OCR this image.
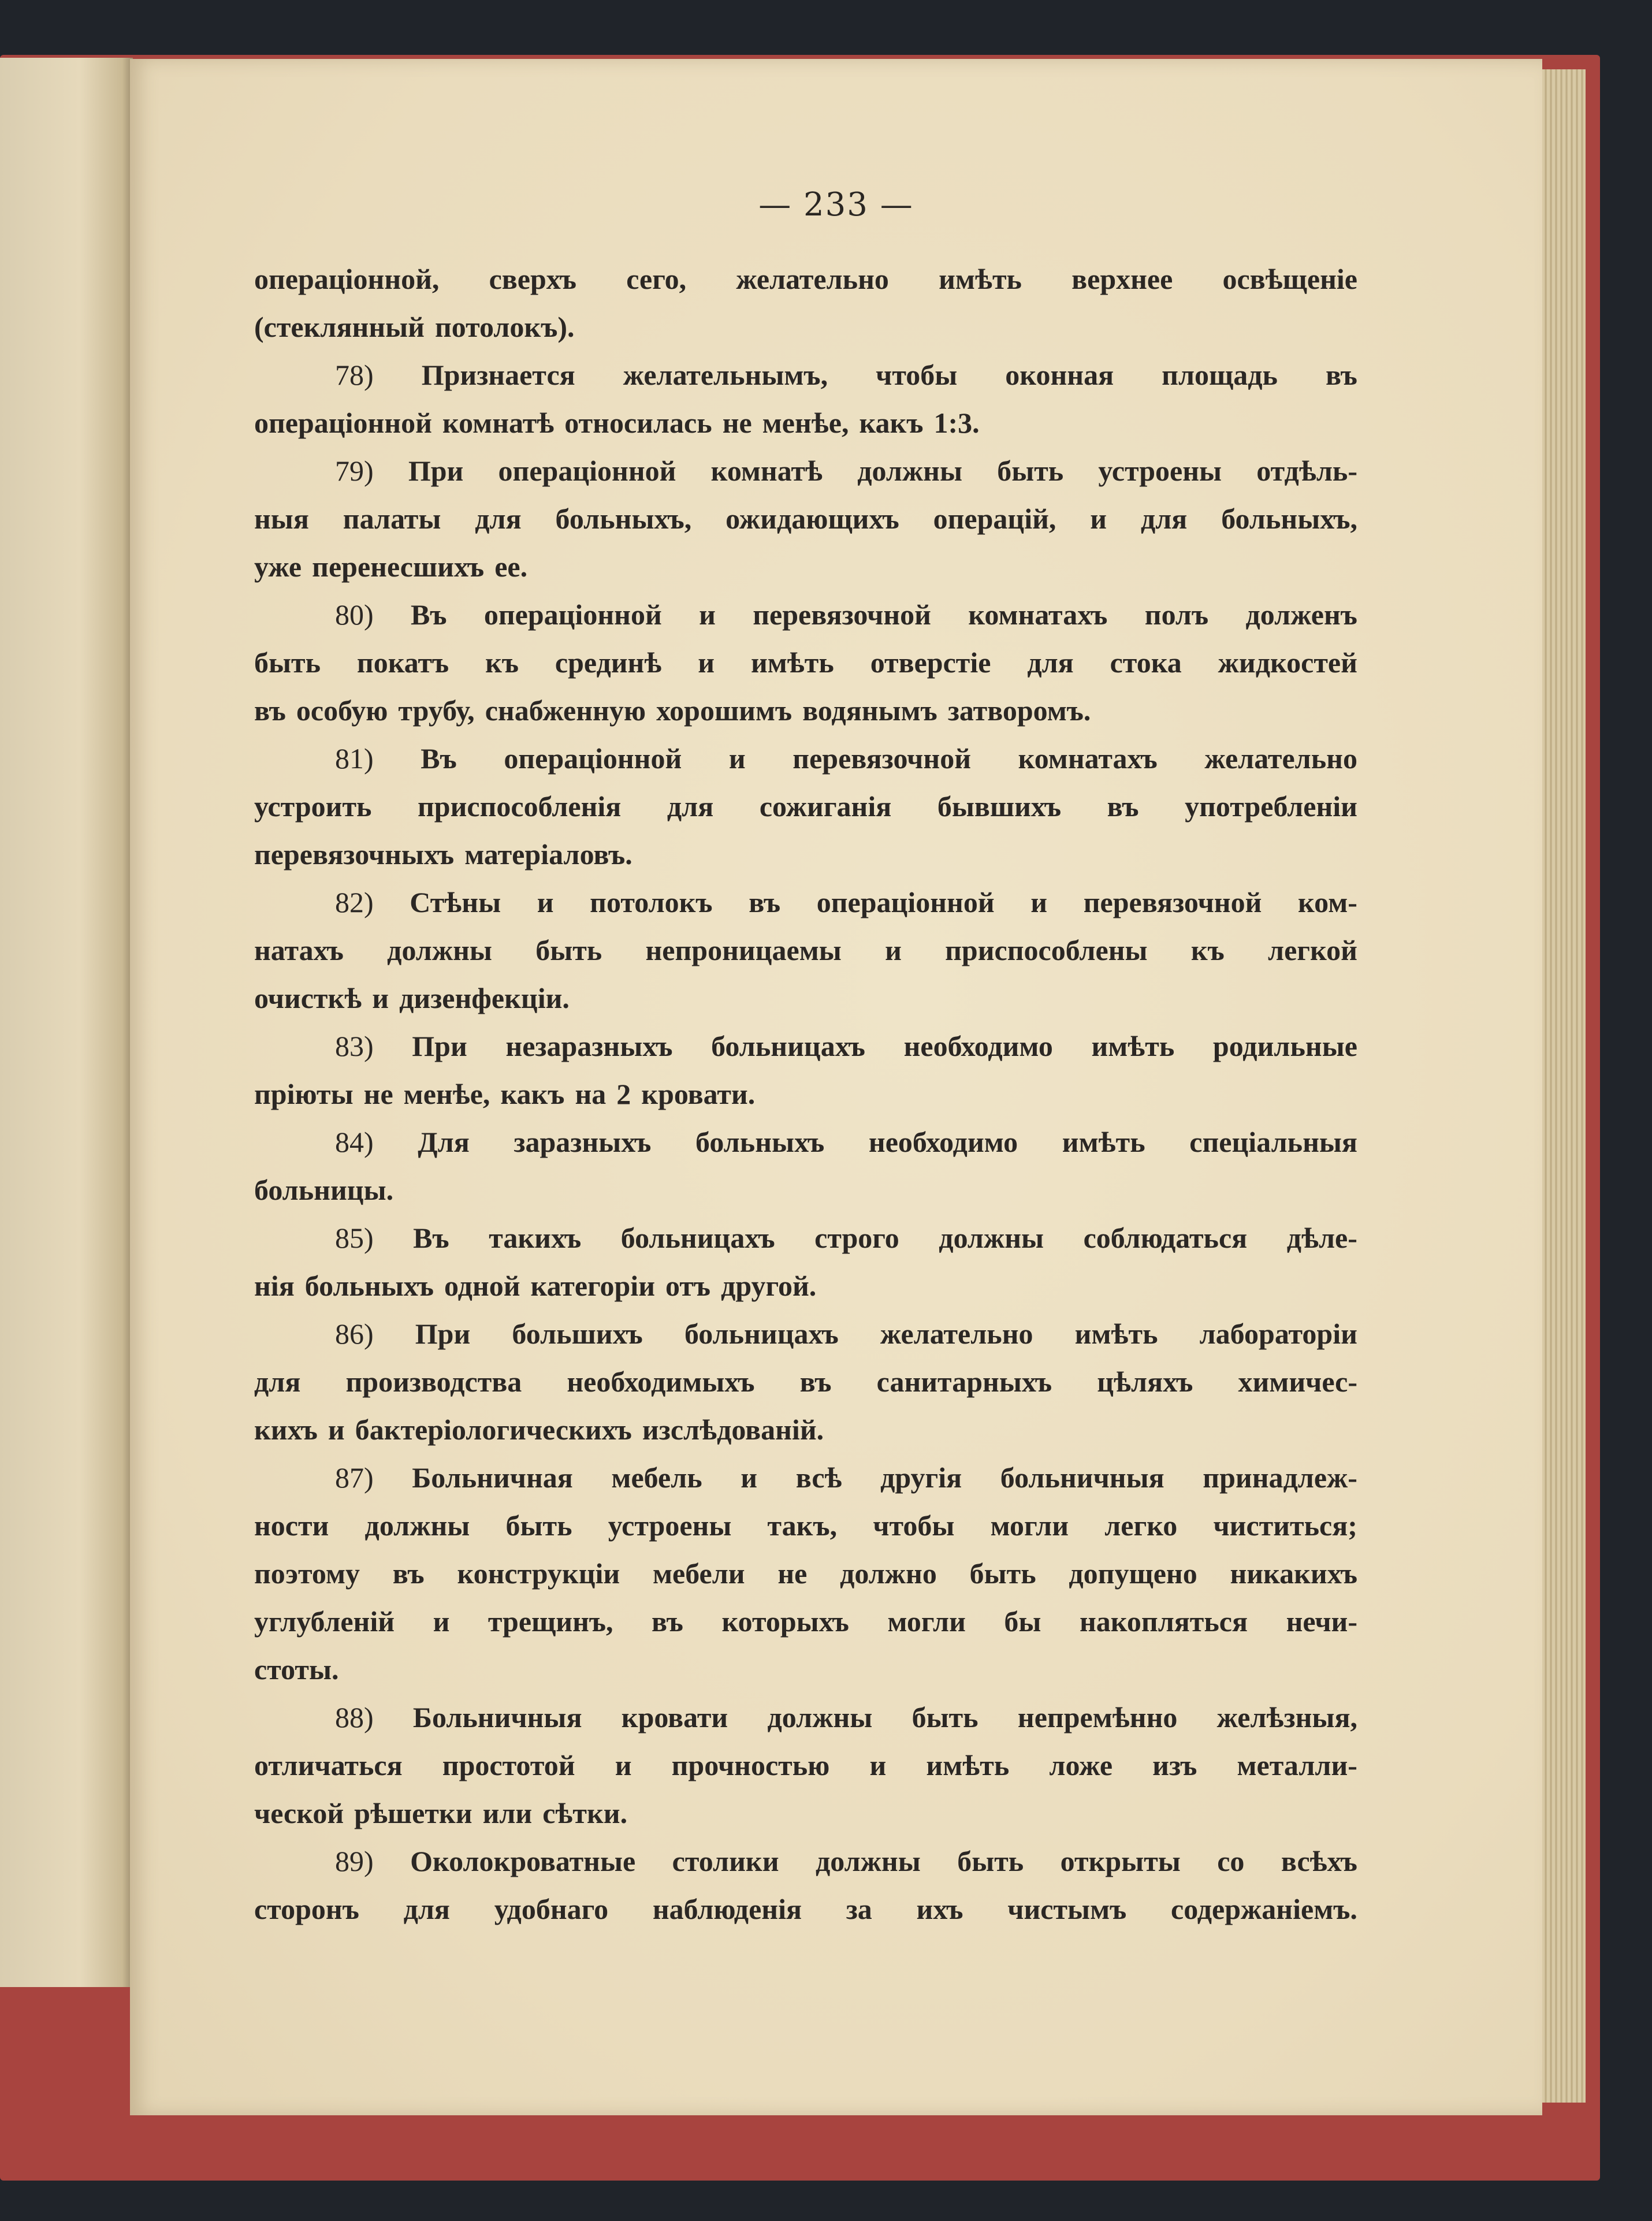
— 233 —

операціонной, сверхъ сего, желательно имѣть верхнее освѣщеніе
(стеклянный потолокъ).
78) Признается желательнымъ, чтобы оконная площадь въ
операціонной комнатѣ относилась не менѣе, какъ 1:3.
79) При операціонной комнатѣ должны быть устроены отдѣль-
ныя палаты для больныхъ, ожидающихъ операцій, и для больныхъ,
уже перенесшихъ ее.
80) Въ операціонной и перевязочной комнатахъ полъ долженъ
быть покатъ къ срединѣ и имѣть отверстіе для стока жидкостей
въ особую трубу, снабженную хорошимъ водянымъ затворомъ.
81) Въ операціонной и перевязочной комнатахъ желательно
устроить приспособленія для сожиганія бывшихъ въ употребленіи
перевязочныхъ матеріаловъ.
82) Стѣны и потолокъ въ операціонной и перевязочной ком-
натахъ должны быть непроницаемы и приспособлены къ легкой
очисткѣ и дизенфекціи.
83) При незаразныхъ больницахъ необходимо имѣть родильные
пріюты не менѣе, какъ на 2 кровати.
84) Для заразныхъ больныхъ необходимо имѣть спеціальныя
больницы.
85) Въ такихъ больницахъ строго должны соблюдаться дѣле-
нія больныхъ одной категоріи отъ другой.
86) При большихъ больницахъ желательно имѣть лабораторіи
для производства необходимыхъ въ санитарныхъ цѣляхъ химичес-
кихъ и бактеріологическихъ изслѣдованій.
87) Больничная мебель и всѣ другія больничныя принадлеж-
ности должны быть устроены такъ, чтобы могли легко чиститься;
поэтому въ конструкціи мебели не должно быть допущено никакихъ
углубленій и трещинъ, въ которыхъ могли бы накопляться нечи-
стоты.
88) Больничныя кровати должны быть непремѣнно желѣзныя,
отличаться простотой и прочностью и имѣть ложе изъ металли-
ческой рѣшетки или сѣтки.
89) Околокроватные столики должны быть открыты со всѣхъ
сторонъ для удобнаго наблюденія за ихъ чистымъ содержаніемъ.
